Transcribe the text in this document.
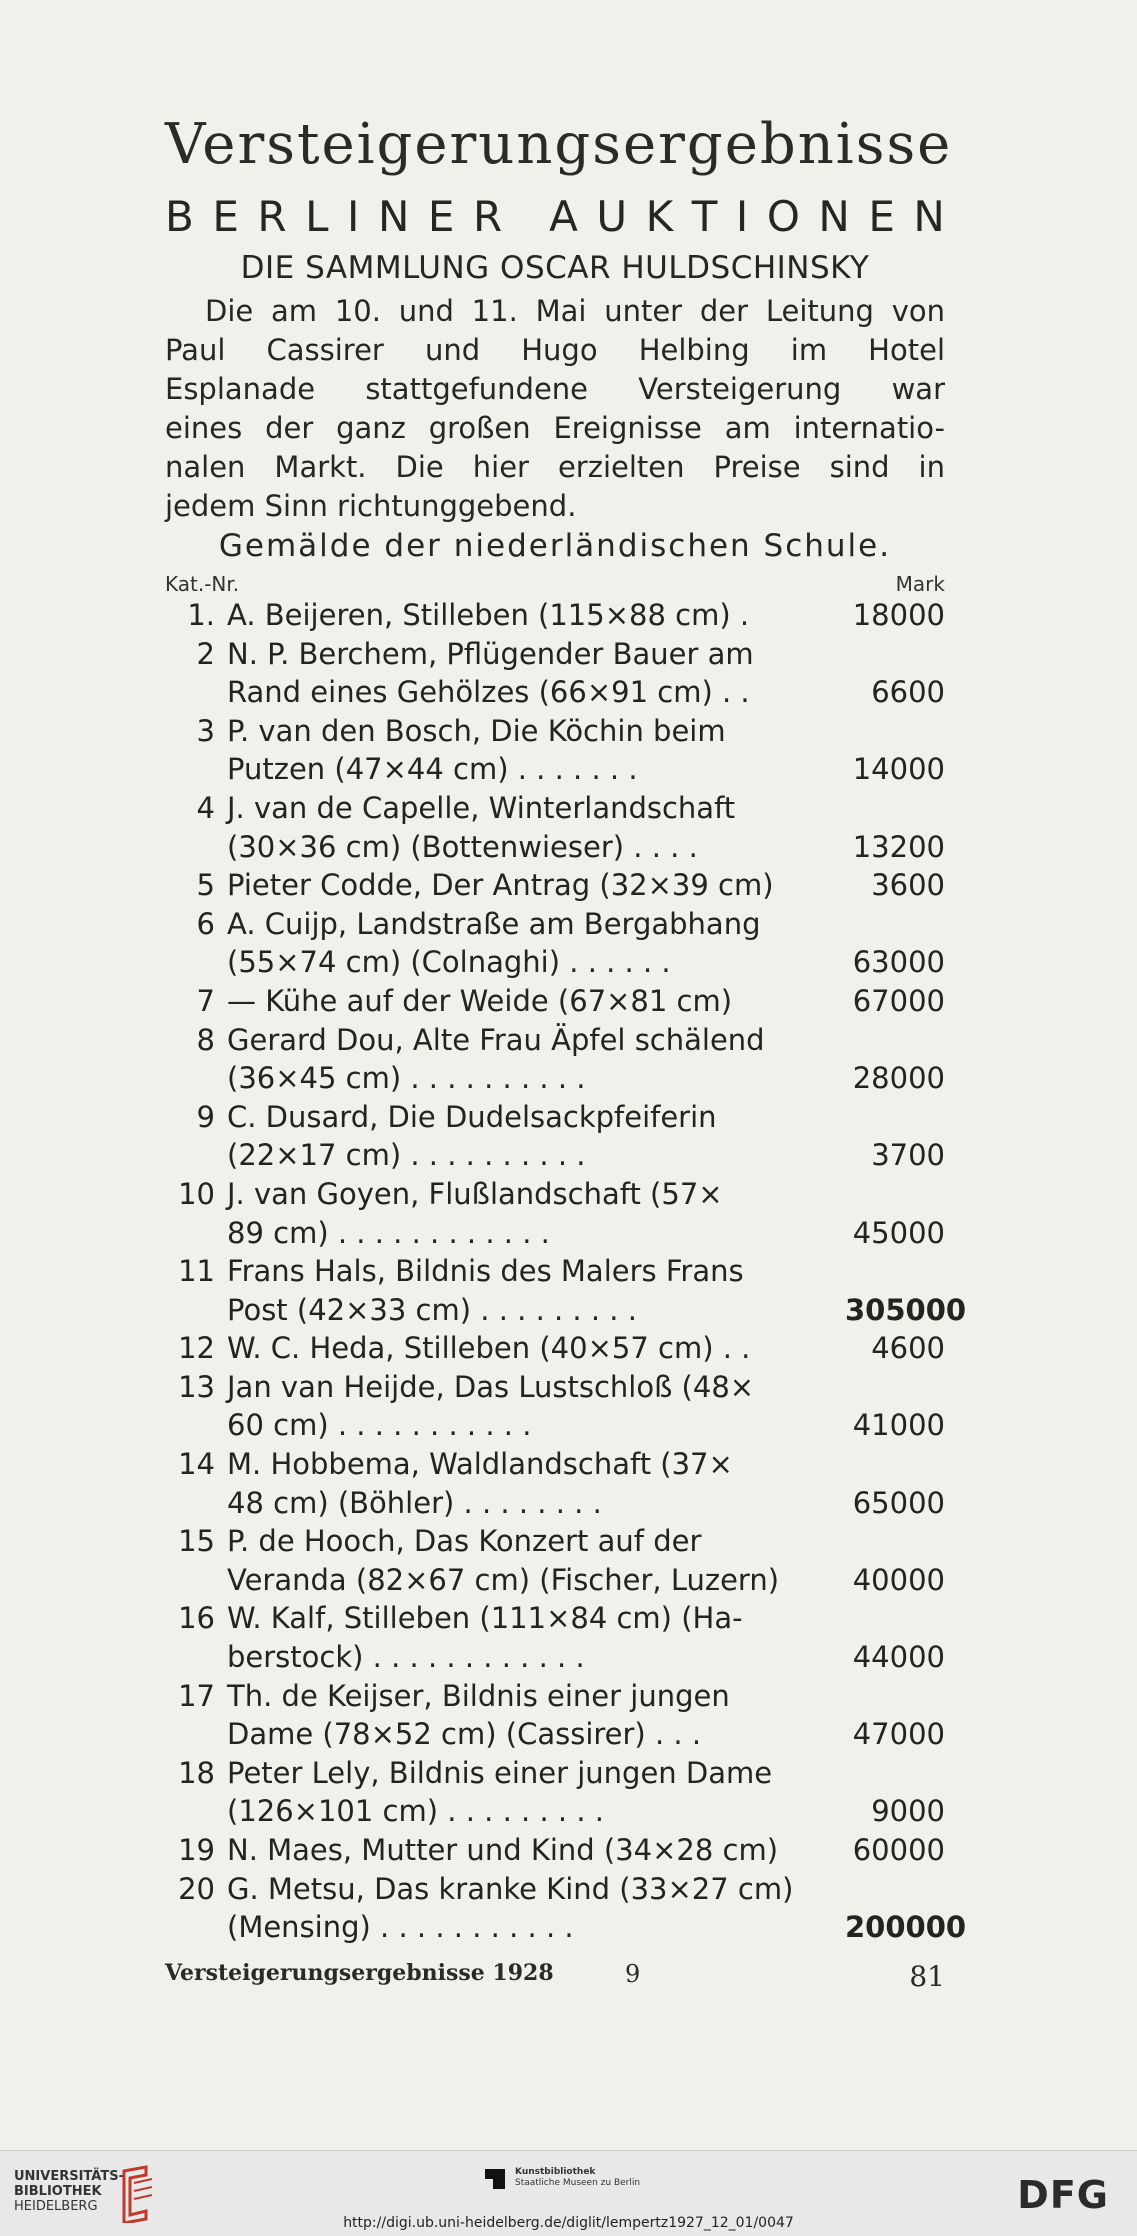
Versteigerungsergebnisse
B E R L I N E R A U K T I O N E N
DIE SAMMLUNG OSCAR HULDSCHINSKY
Die am 10. und 11. Mai unter der Leitung von
Paul Cassirer und Hugo Helbing im Hotel
Esplanade stattgefundene Versteigerung war
eines der ganz großen Ereignisse am internatio-
nalen Markt. Die hier erzielten Preise sind in
jedem Sinn richtunggebend.
Gemälde der niederländischen Schule.
Kat.-Nr.	Mark
1. A. Beijeren, Stilleben (115×88 cm) .	18000
2 N. P. Berchem, Pflügender Bauer am
Rand eines Gehölzes (66×91 cm) . .	6600
3 P. van den Bosch, Die Köchin beim
Putzen (47×44 cm) . . . . . . .	14000
4 J. van de Capelle, Winterlandschaft
(30×36 cm) (Bottenwieser) . . . .	13200
5 Pieter Codde, Der Antrag (32×39 cm)	3600
6 A. Cuijp, Landstraße am Bergabhang
(55×74 cm) (Colnaghi) . . . . . .	63000
7 — Kühe auf der Weide (67×81 cm)	67000
8 Gerard Dou, Alte Frau Äpfel schälend
(36×45 cm) . . . . . . . . . .	28000
9 C. Dusard, Die Dudelsackpfeiferin
(22×17 cm) . . . . . . . . . .	3700
10 J. van Goyen, Flußlandschaft (57×
89 cm) . . . . . . . . . . . .	45000
11 Frans Hals, Bildnis des Malers Frans
Post (42×33 cm) . . . . . . . . .	305000
12 W. C. Heda, Stilleben (40×57 cm) . .	4600
13 Jan van Heijde, Das Lustschloß (48×
60 cm) . . . . . . . . . . .	41000
14 M. Hobbema, Waldlandschaft (37×
48 cm) (Böhler) . . . . . . . .	65000
15 P. de Hooch, Das Konzert auf der
Veranda (82×67 cm) (Fischer, Luzern)	40000
16 W. Kalf, Stilleben (111×84 cm) (Ha-
berstock) . . . . . . . . . . . .	44000
17 Th. de Keijser, Bildnis einer jungen
Dame (78×52 cm) (Cassirer) . . .	47000
18 Peter Lely, Bildnis einer jungen Dame
(126×101 cm) . . . . . . . . .	9000
19 N. Maes, Mutter und Kind (34×28 cm)	60000
20 G. Metsu, Das kranke Kind (33×27 cm)
(Mensing) . . . . . . . . . . .	200000
Versteigerungsergebnisse 1928	9	81
UNIVERSITÄTS-
BIBLIOTHEK
HEIDELBERG
Kunstbibliothek
Staatliche Museen zu Berlin	DFG
http://digi.ub.uni-heidelberg.de/diglit/lempertz1927_12_01/0047
